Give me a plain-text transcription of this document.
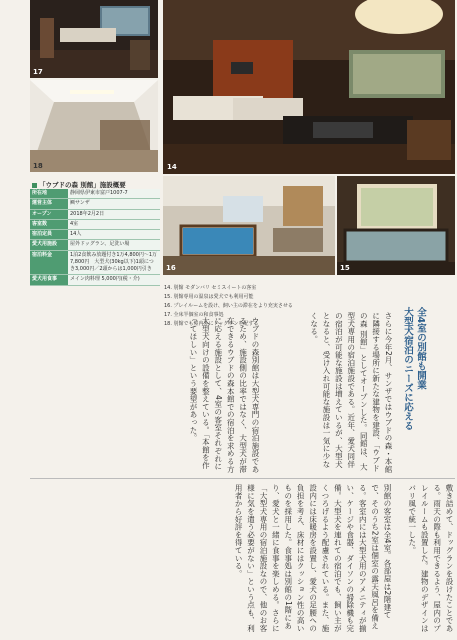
17
14
18
「ウブドの森 別館」施設概要
所在地	静岡県伊東市富戸1007-7
運営主体	㈱サンザ
オープン	2018年2月2日
客室数	4室
宿泊定員	14人
愛犬用施設	屋外ドッグラン、足洗い場
宿泊料金	1泊2食飲み放題付き1万4,800円～1万7,800円　大型犬(30kg以下)1頭につき3,000円／2頭からは1,000円引き
愛犬用食事	メイン肉料理 5,000円(税・介)
16	15
14. 別館 モダンバリ セミスイートの客室
15. 別館専用の温泉は愛犬でも利用可能
16. プレイルームを設け、飼い主の滞在をより充実させる
17. 全床半個室の和食事処
18. 別館でも屋内外にドッグランを配する	全4室の別館も開業
大型犬宿泊のニーズに応える
さらに今年2月、サンザではウブドの森・本館に隣接する場所に新たな建物を建設、「ウブドの森 別館」としてオープンした。同館は、大型犬専用の宿泊施設である。近年、愛犬同伴の宿泊が可能な施設は増えているが、大型犬となると、受け入れ可能な施設は一気に少なくなる。
ウブドの森別館は大型犬専門の宿泊施設であるため、施設側の比率ではなく、大型犬が滞在できるウブドの森本館での宿泊を求める方に応える施設として、4室の客室それぞれに大型犬向けの設備を整えている。「本館を作ってほしい」という要望があった。
敷き詰めて、ドッグランを設けたことである。雨天の際も利用できるよう、屋内のプレイルームも設置した。建物のデザインはバリ風で統一した。
別館の客室は全4室。各部屋は2階建てで、そのうち2室は個室の露天風呂を備える。客室内には大型犬用のアメニティが揃い、ケージや食器、ダイソンの掃除機も完備。大型犬を連れての宿泊でも、飼い主がくつろげるよう配慮されている。また、施設内には床暖房を設置し、愛犬の足腰への負担を考え、床材にはクッション性の高いものを採用した。食事処は別館の1階にあり、愛犬と一緒に食事を楽しめる。さらに「大型犬専用の宿泊施設なので、他のお客様に気を遣う必要がない」という点も、利用者から好評を得ている。
